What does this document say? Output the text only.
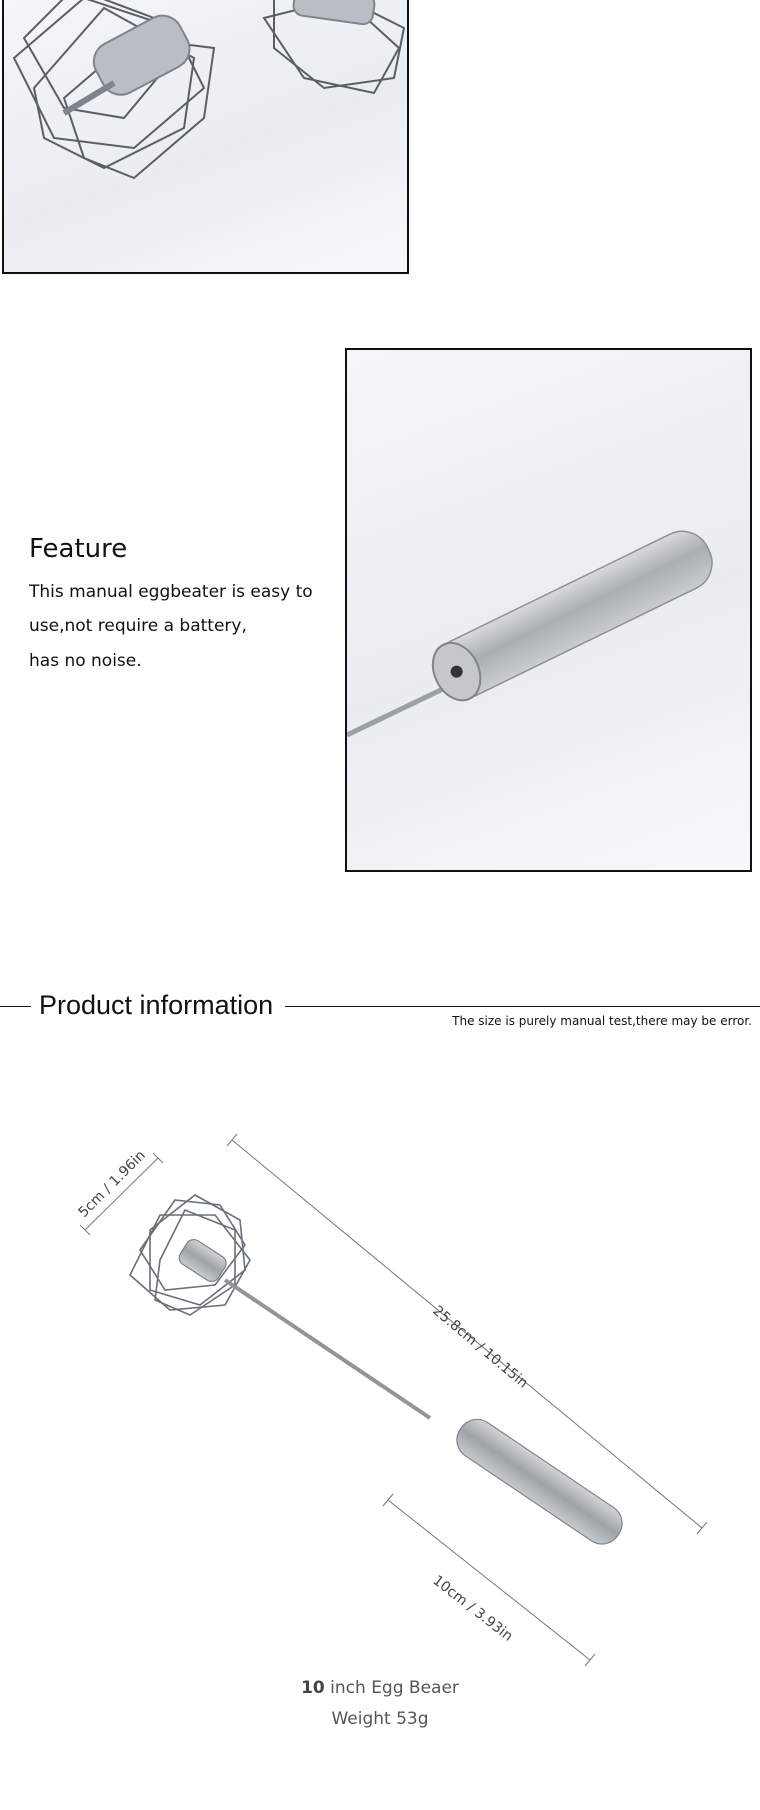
Feature
This manual eggbeater is easy to
use,not require a battery,
has no noise.
Product information
The size is purely manual test,there may be error.
5cm / 1.96in
25.8cm / 10.15in
10cm / 3.93in
10 inch Egg Beaer
Weight 53g
